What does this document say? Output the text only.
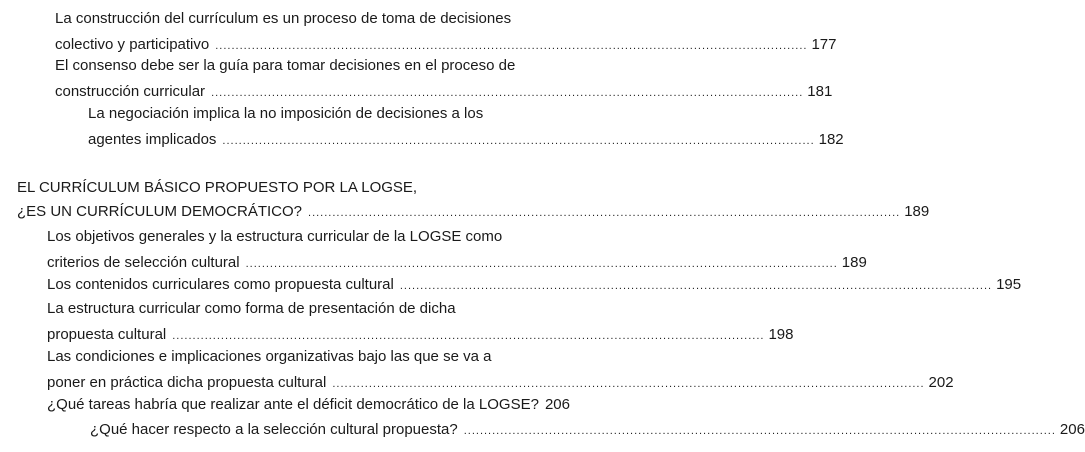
La construcción del currículum es un proceso de toma de decisiones
colectivo y participativo .....	177
El consenso debe ser la guía para tomar decisiones en el proceso de
construcción curricular .....	181
La negociación implica la no imposición de decisiones a los
agentes implicados .....	182
EL CURRÍCULUM BÁSICO PROPUESTO POR LA LOGSE,
¿ES UN CURRÍCULUM DEMOCRÁTICO? .....	189
Los objetivos generales y la estructura curricular de la LOGSE como
criterios de selección cultural .....	189
Los contenidos curriculares como propuesta cultural .....	195
La estructura curricular como forma de presentación de dicha
propuesta cultural .....	198
Las condiciones e implicaciones organizativas bajo las que se va a
poner en práctica dicha propuesta cultural .....	202
¿Qué tareas habría que realizar ante el déficit democrático de la LOGSE? 206
¿Qué hacer respecto a la selección cultural propuesta? .....	206
